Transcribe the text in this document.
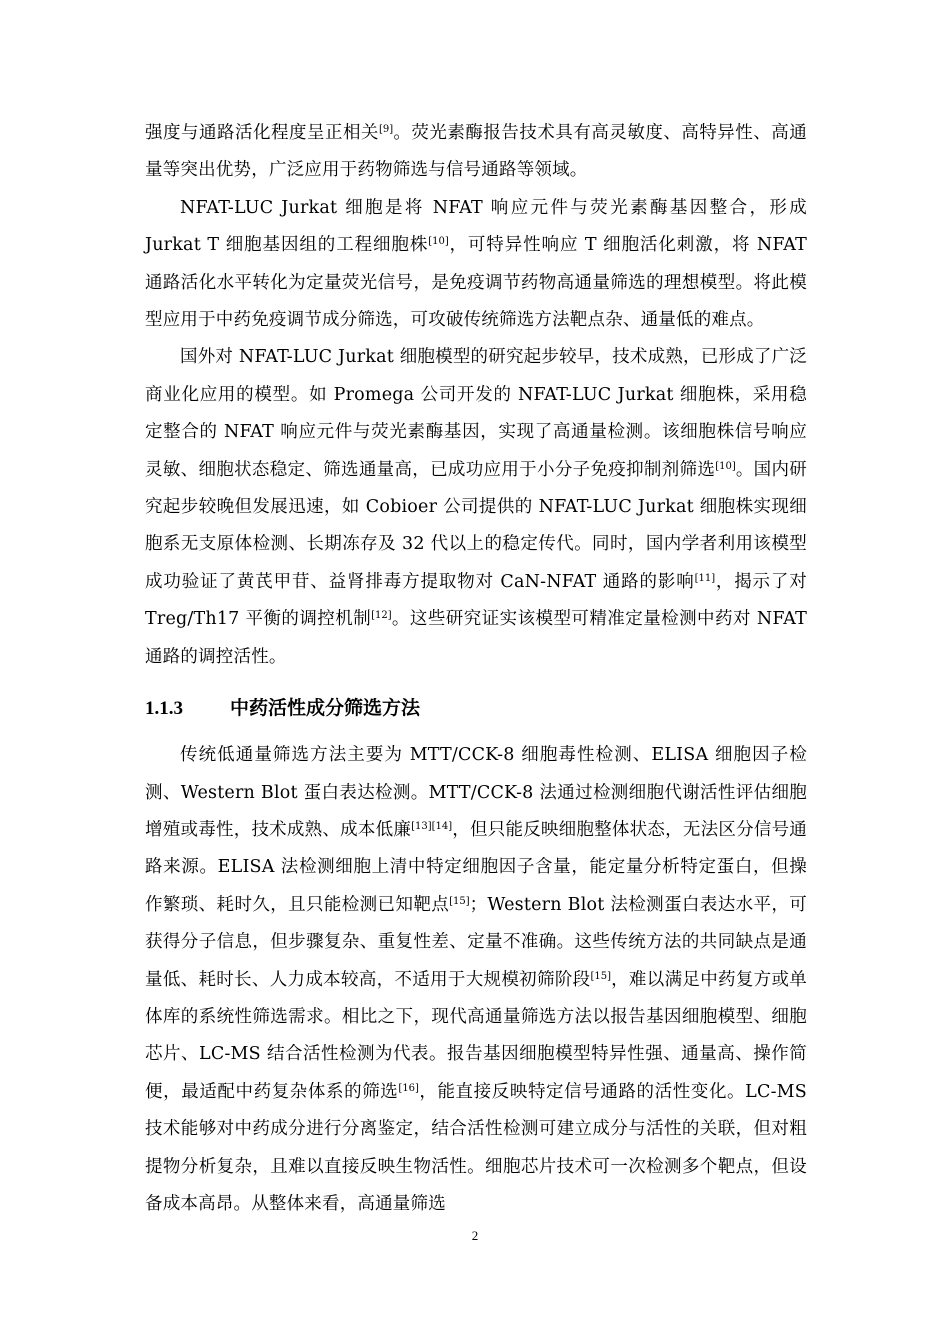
强度与通路活化程度呈正相关[9]。荧光素酶报告技术具有高灵敏度、高特异性、高通量等突出优势，广泛应用于药物筛选与信号通路等领域。

NFAT-LUC Jurkat 细胞是将 NFAT 响应元件与荧光素酶基因整合，形成 Jurkat T 细胞基因组的工程细胞株[10]，可特异性响应 T 细胞活化刺激，将 NFAT 通路活化水平转化为定量荧光信号，是免疫调节药物高通量筛选的理想模型。将此模型应用于中药免疫调节成分筛选，可攻破传统筛选方法靶点杂、通量低的难点。

国外对 NFAT-LUC Jurkat 细胞模型的研究起步较早，技术成熟，已形成了广泛商业化应用的模型。如 Promega 公司开发的 NFAT-LUC Jurkat 细胞株，采用稳定整合的 NFAT 响应元件与荧光素酶基因，实现了高通量检测。该细胞株信号响应灵敏、细胞状态稳定、筛选通量高，已成功应用于小分子免疫抑制剂筛选[10]。国内研究起步较晚但发展迅速，如 Cobioer 公司提供的 NFAT-LUC Jurkat 细胞株实现细胞系无支原体检测、长期冻存及 32 代以上的稳定传代。同时，国内学者利用该模型成功验证了黄芪甲苷、益肾排毒方提取物对 CaN-NFAT 通路的影响[11]，揭示了对 Treg/Th17 平衡的调控机制[12]。这些研究证实该模型可精准定量检测中药对 NFAT 通路的调控活性。

1.1.3 中药活性成分筛选方法

传统低通量筛选方法主要为 MTT/CCK-8 细胞毒性检测、ELISA 细胞因子检测、Western Blot 蛋白表达检测。MTT/CCK-8 法通过检测细胞代谢活性评估细胞增殖或毒性，技术成熟、成本低廉[13][14]，但只能反映细胞整体状态，无法区分信号通路来源。ELISA 法检测细胞上清中特定细胞因子含量，能定量分析特定蛋白，但操作繁琐、耗时久，且只能检测已知靶点[15]；Western Blot 法检测蛋白表达水平，可获得分子信息，但步骤复杂、重复性差、定量不准确。这些传统方法的共同缺点是通量低、耗时长、人力成本较高，不适用于大规模初筛阶段[15]，难以满足中药复方或单体库的系统性筛选需求。相比之下，现代高通量筛选方法以报告基因细胞模型、细胞芯片、LC-MS 结合活性检测为代表。报告基因细胞模型特异性强、通量高、操作简便，最适配中药复杂体系的筛选[16]，能直接反映特定信号通路的活性变化。LC-MS 技术能够对中药成分进行分离鉴定，结合活性检测可建立成分与活性的关联，但对粗提物分析复杂，且难以直接反映生物活性。细胞芯片技术可一次检测多个靶点，但设备成本高昂。从整体来看，高通量筛选

2
